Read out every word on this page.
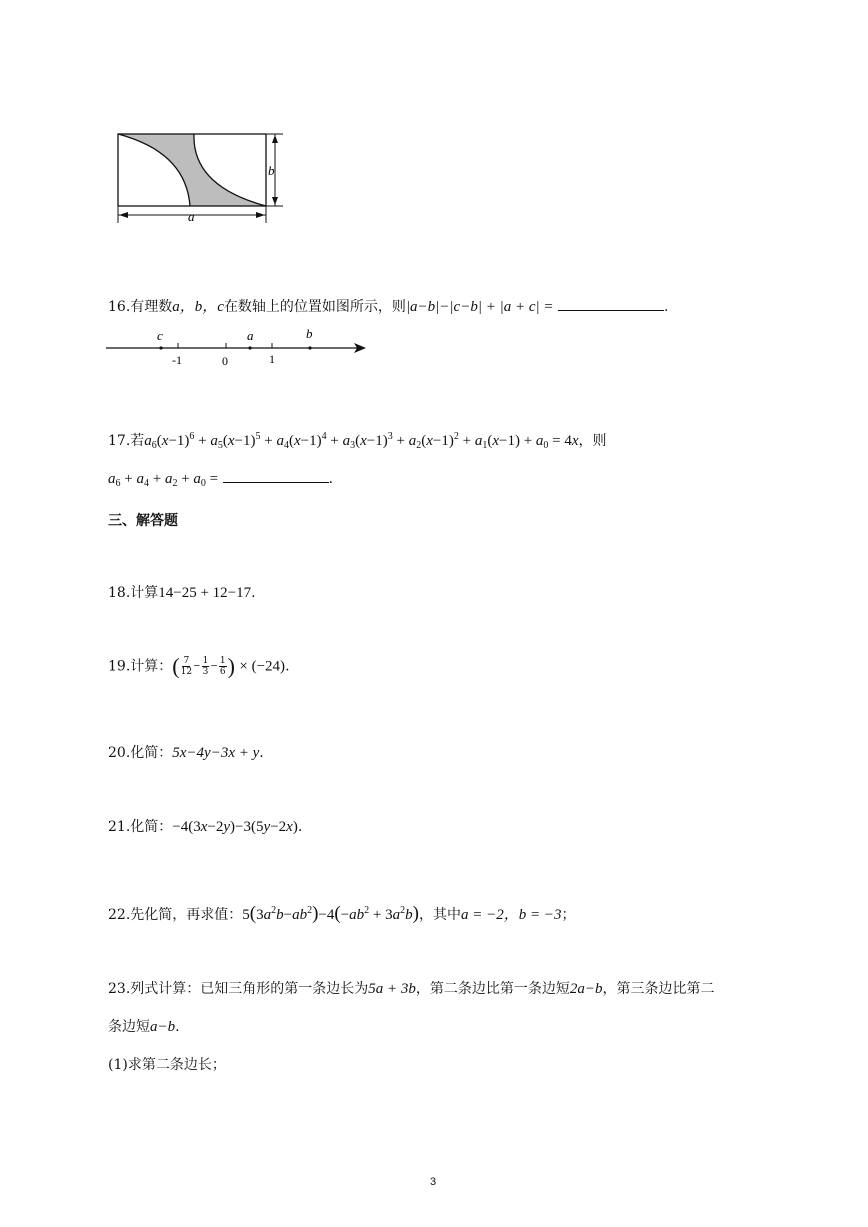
b
a
16.有理数a，b，c在数轴上的位置如图所示，则|a−b|−|c−b| + |a + c| =	.
c	a	b
-1	0	1
17.若$a_6(x-1)^6 + a_5(x-1)^5 + a_4(x-1)^4 + a_3(x-1)^3 + a_2(x-1)^2 + a_1(x-1) + a_0 = 4x$，则
$a_6 + a_4 + a_2 + a_0$ =	.
三、解答题
18.计算14−25 + 12−17.
19.计算：( $\frac{7}{12} - \frac{1}{3} - \frac{1}{6}$ ) × (−24).
20.化简：5x−4y−3x + y.
21.化简：−4(3x−2y)−3(5y−2x).
22.先化简，再求值：$5(3a^2b-ab^2)-4(-ab^2 + 3a^2b)$，其中a = −2，b = −3；
23.列式计算：已知三角形的第一条边长为5a + 3b，第二条边比第一条边短2a−b，第三条边比第二
条边短a−b.
(1)求第二条边长；
3
